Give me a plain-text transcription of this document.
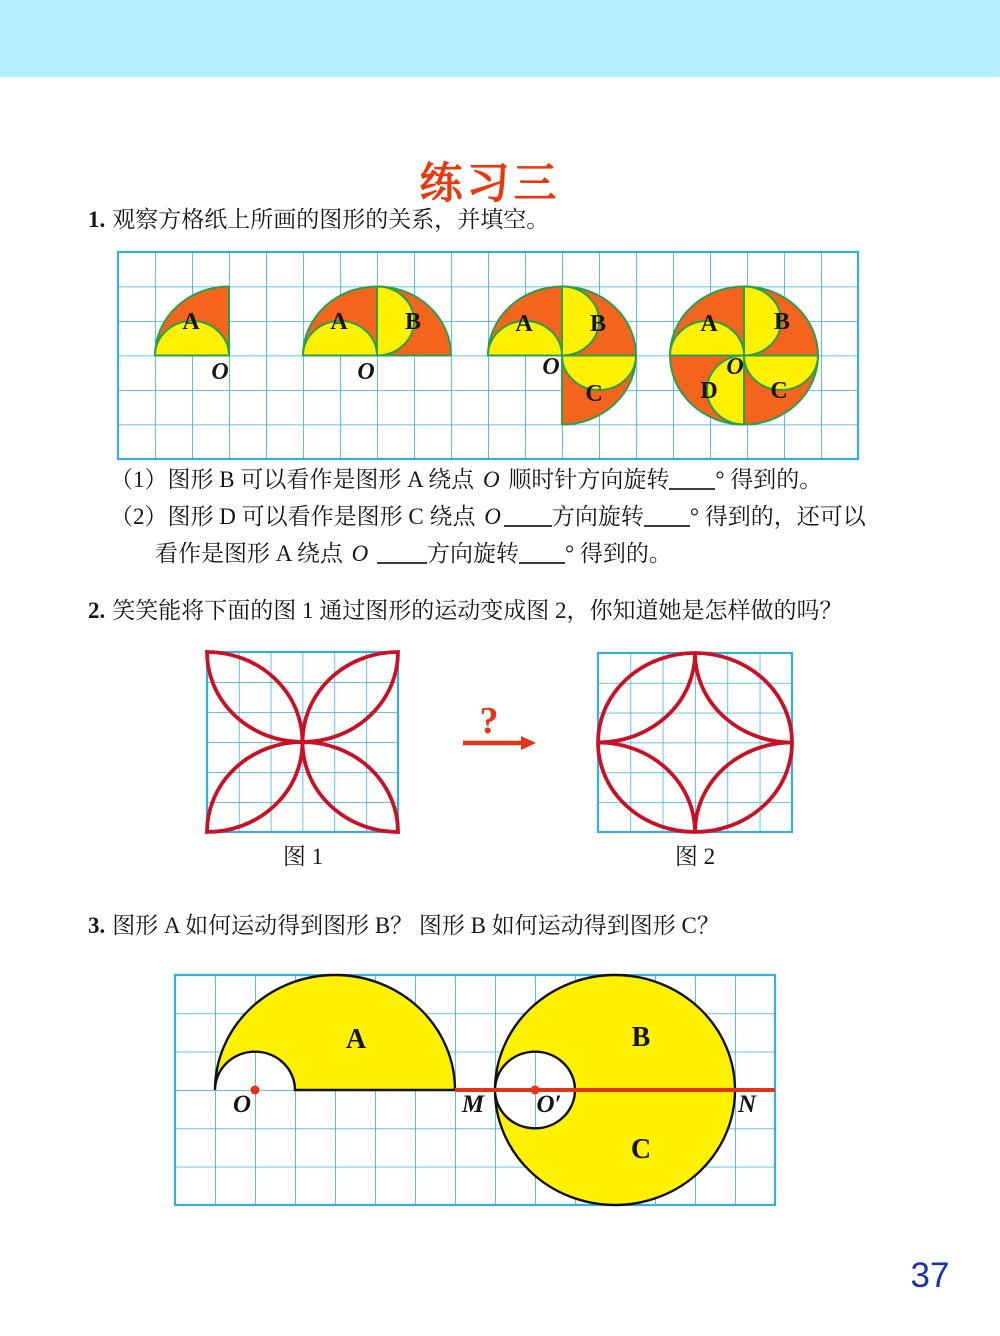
练习三
1. 观察方格纸上所画的图形的关系，并填空。
A
O
A B
O
A B
C
O
A B
C
D
O
（1）图形 B 可以看作是图形 A 绕点 O 顺时针方向旋转 ° 得到的。
（2）图形 D 可以看作是图形 C 绕点 O 方向旋转 ° 得到的，还可以
看作是图形 A 绕点 O	方向旋转 ° 得到的。
2. 笑笑能将下面的图 1 通过图形的运动变成图 2，你知道她是怎样做的吗？
?
图 1	图 2
3. 图形 A 如何运动得到图形 B？ 图形 B 如何运动得到图形 C？
A	B
C
O	M O′	N
37
